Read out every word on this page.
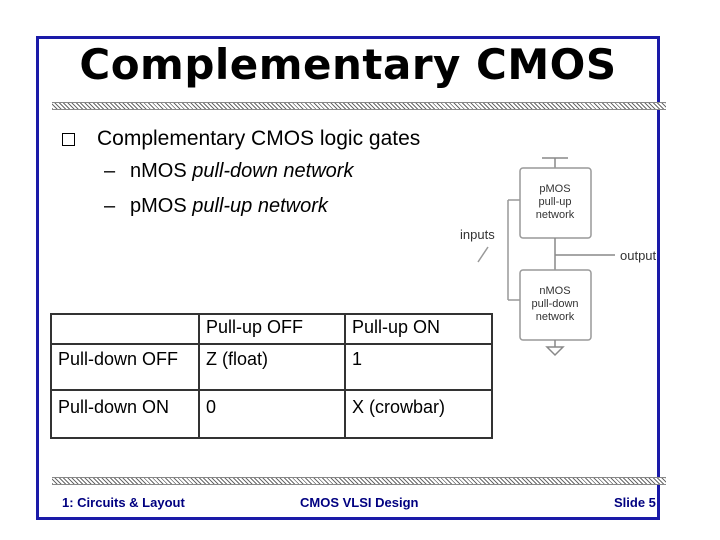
Complementary CMOS
Complementary CMOS logic gates
– nMOS pull-down network
– pMOS pull-up network
pMOS
pull-up
network
output
nMOS
pull-down
network
inputs
	Pull-up OFF	Pull-up ON
Pull-down OFF	Z (float)	1
Pull-down ON	0	X (crowbar)
1: Circuits & Layout	CMOS VLSI Design	Slide 5
